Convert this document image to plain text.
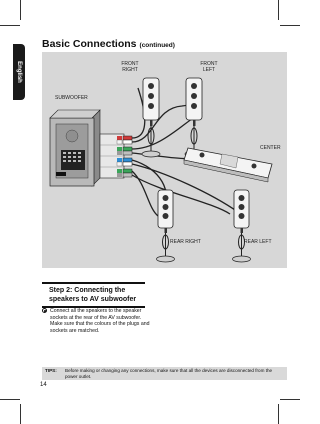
English
Basic Connections (continued)
FRONT
RIGHT
FRONT
LEFT
SUBWOOFER
CENTER
REAR RIGHT	REAR LEFT
Step 2: Connecting the speakers to AV subwoofer
Connect all the speakers to the speaker sockets at the rear of the AV subwoofer. Make sure that the colours of the plugs and sockets are matched.
TIPS: Before making or changing any connections, make sure that all the devices are disconnected from the power outlet.
14
